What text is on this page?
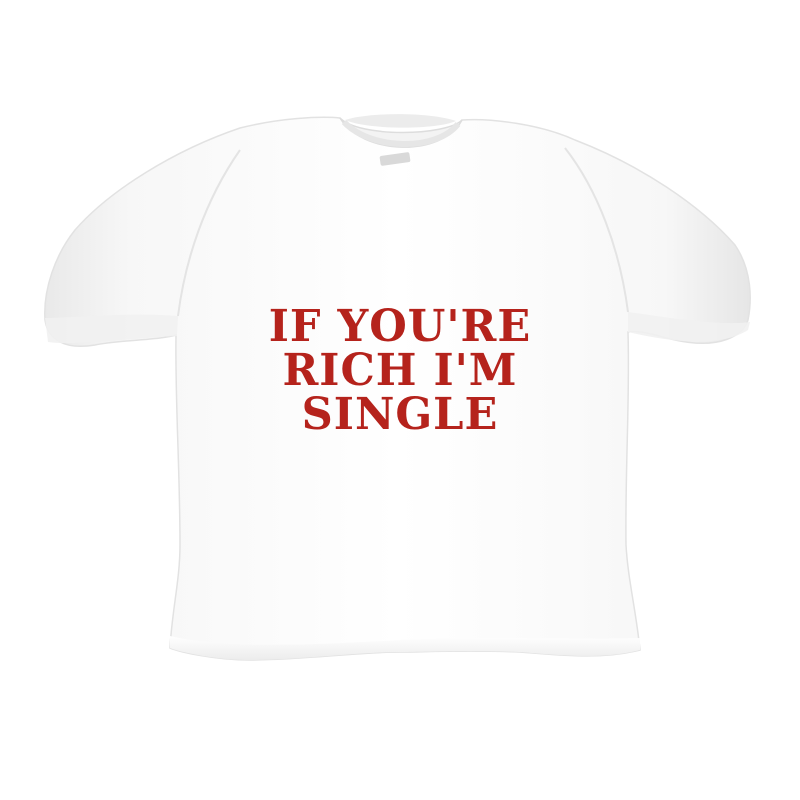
IF YOU'RE
RICH I'M
SINGLE
